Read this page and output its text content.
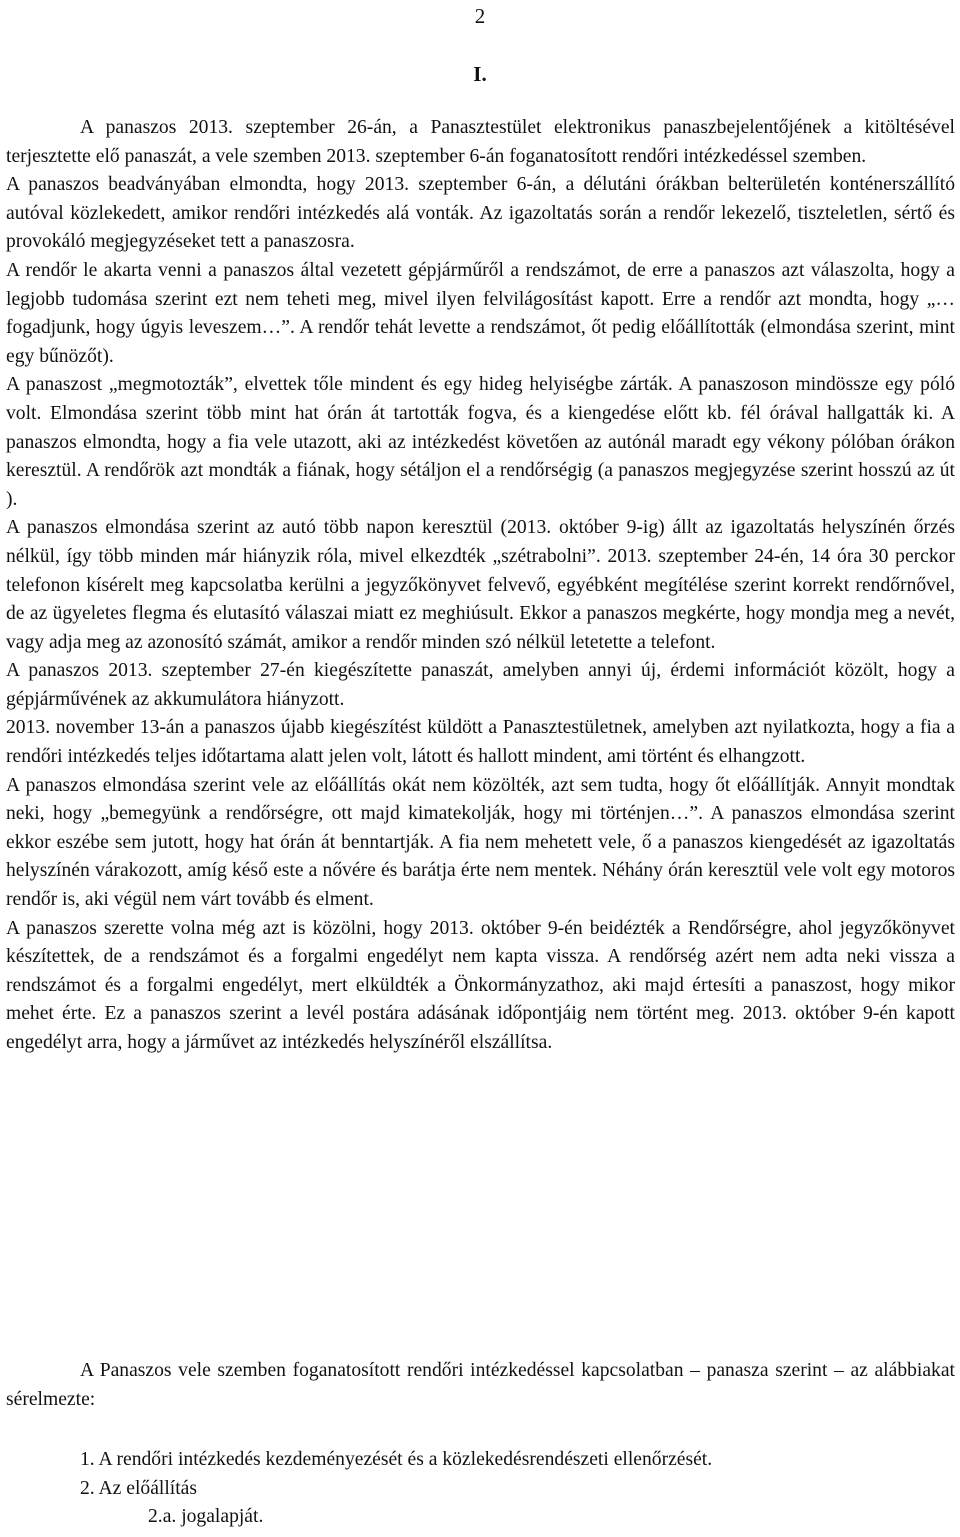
2
I.

A panaszos 2013. szeptember 26-án, a Panasztestület elektronikus panaszbejelentőjének a kitöltésével terjesztette elő panaszát, a vele szemben 2013. szeptember 6-án foganatosított rendőri intézkedéssel szemben.

A panaszos beadványában elmondta, hogy 2013. szeptember 6-án, a délutáni órákban belterületén konténerszállító autóval közlekedett, amikor rendőri intézkedés alá vonták. Az igazoltatás során a rendőr lekezelő, tiszteletlen, sértő és provokáló megjegyzéseket tett a panaszosra.

A rendőr le akarta venni a panaszos által vezetett gépjárműről a rendszámot, de erre a panaszos azt válaszolta, hogy a legjobb tudomása szerint ezt nem teheti meg, mivel ilyen felvilágosítást kapott. Erre a rendőr azt mondta, hogy „…fogadjunk, hogy úgyis leveszem…”. A rendőr tehát levette a rendszámot, őt pedig előállították (elmondása szerint, mint egy bűnözőt).

A panaszost „megmotozták”, elvettek tőle mindent és egy hideg helyiségbe zárták. A panaszoson mindössze egy póló volt. Elmondása szerint több mint hat órán át tartották fogva, és a kiengedése előtt kb. fél órával hallgatták ki. A panaszos elmondta, hogy a fia vele utazott, aki az intézkedést követően az autónál maradt egy vékony pólóban órákon keresztül. A rendőrök azt mondták a fiának, hogy sétáljon el a rendőrségig (a panaszos megjegyzése szerint hosszú az út ).

A panaszos elmondása szerint az autó több napon keresztül (2013. október 9-ig) állt az igazoltatás helyszínén őrzés nélkül, így több minden már hiányzik róla, mivel elkezdték „szétrabolni”. 2013. szeptember 24-én, 14 óra 30 perckor telefonon kísérelt meg kapcsolatba kerülni a jegyzőkönyvet felvevő, egyébként megítélése szerint korrekt rendőrnővel, de az ügyeletes flegma és elutasító válaszai miatt ez meghiúsult. Ekkor a panaszos megkérte, hogy mondja meg a nevét, vagy adja meg az azonosító számát, amikor a rendőr minden szó nélkül letetette a telefont.

A panaszos 2013. szeptember 27-én kiegészítette panaszát, amelyben annyi új, érdemi információt közölt, hogy a gépjárművének az akkumulátora hiányzott.

2013. november 13-án a panaszos újabb kiegészítést küldött a Panasztestületnek, amelyben azt nyilatkozta, hogy a fia a rendőri intézkedés teljes időtartama alatt jelen volt, látott és hallott mindent, ami történt és elhangzott.

A panaszos elmondása szerint vele az előállítás okát nem közölték, azt sem tudta, hogy őt előállítják. Annyit mondtak neki, hogy „bemegyünk a rendőrségre, ott majd kimatekolják, hogy mi történjen…”. A panaszos elmondása szerint ekkor eszébe sem jutott, hogy hat órán át benntartják. A fia nem mehetett vele, ő a panaszos kiengedését az igazoltatás helyszínén várakozott, amíg késő este a nővére és barátja érte nem mentek. Néhány órán keresztül vele volt egy motoros rendőr is, aki végül nem várt tovább és elment.

A panaszos szerette volna még azt is közölni, hogy 2013. október 9-én beidézték a Rendőrségre, ahol jegyzőkönyvet készítettek, de a rendszámot és a forgalmi engedélyt nem kapta vissza. A rendőrség azért nem adta neki vissza a rendszámot és a forgalmi engedélyt, mert elküldték a Önkormányzathoz, aki majd értesíti a panaszost, hogy mikor mehet érte. Ez a panaszos szerint a levél postára adásának időpontjáig nem történt meg. 2013. október 9-én kapott engedélyt arra, hogy a járművet az intézkedés helyszínéről elszállítsa.

A Panaszos vele szemben foganatosított rendőri intézkedéssel kapcsolatban – panasza szerint – az alábbiakat sérelmezte:

1. A rendőri intézkedés kezdeményezését és a közlekedésrendészeti ellenőrzését.
2. Az előállítás
2.a. jogalapját.
